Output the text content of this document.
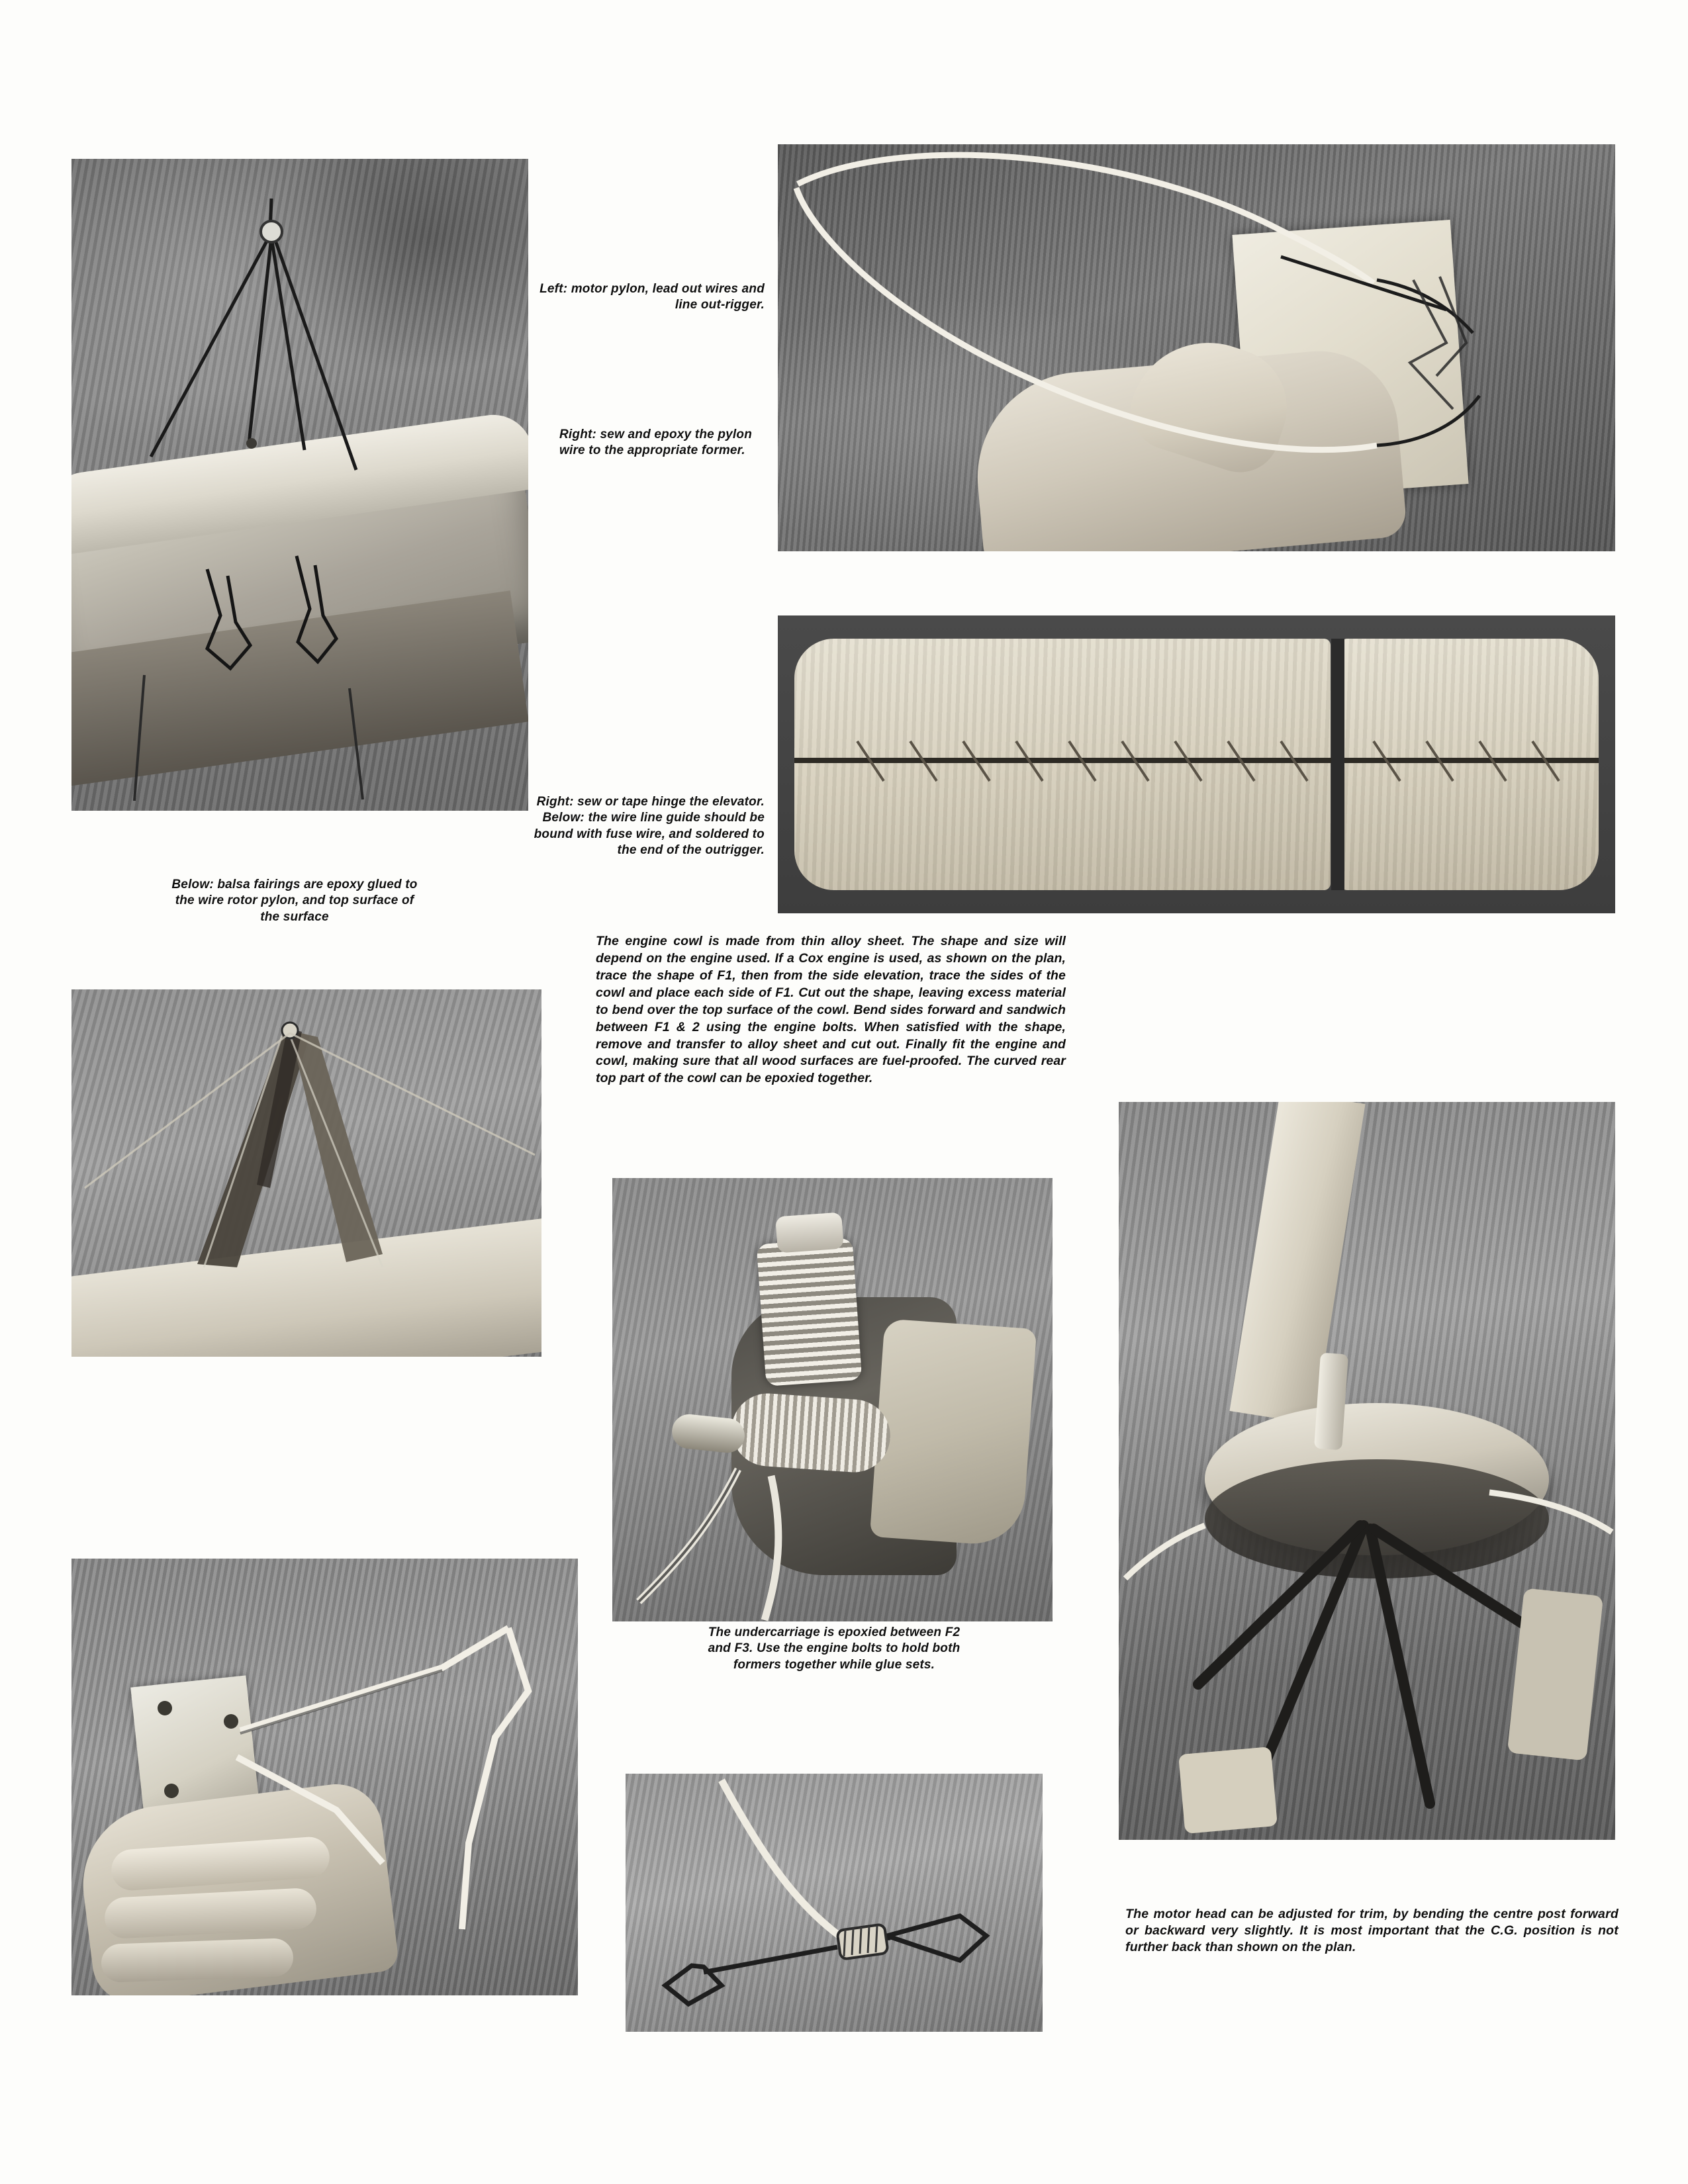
Left: motor pylon, lead out wires and line out-rigger.
Right: sew and epoxy the pylon wire to the appropriate former.
Right: sew or tape hinge the elevator. Below: the wire line guide should be bound with fuse wire, and soldered to the end of the outrigger.
Below: balsa fairings are epoxy glued to the wire rotor pylon, and top surface of the surface
The engine cowl is made from thin alloy sheet. The shape and size will depend on the engine used. If a Cox engine is used, as shown on the plan, trace the shape of F1, then from the side elevation, trace the sides of the cowl and place each side of F1. Cut out the shape, leaving excess material to bend over the top surface of the cowl. Bend sides forward and sandwich between F1 & 2 using the engine bolts. When satisfied with the shape, remove and transfer to alloy sheet and cut out. Finally fit the engine and cowl, making sure that all wood surfaces are fuel-proofed. The curved rear top part of the cowl can be epoxied together.
The undercarriage is epoxied between F2 and F3. Use the engine bolts to hold both formers together while glue sets.
The motor head can be adjusted for trim, by bending the centre post forward or backward very slightly. It is most important that the C.G. position is not further back than shown on the plan.
